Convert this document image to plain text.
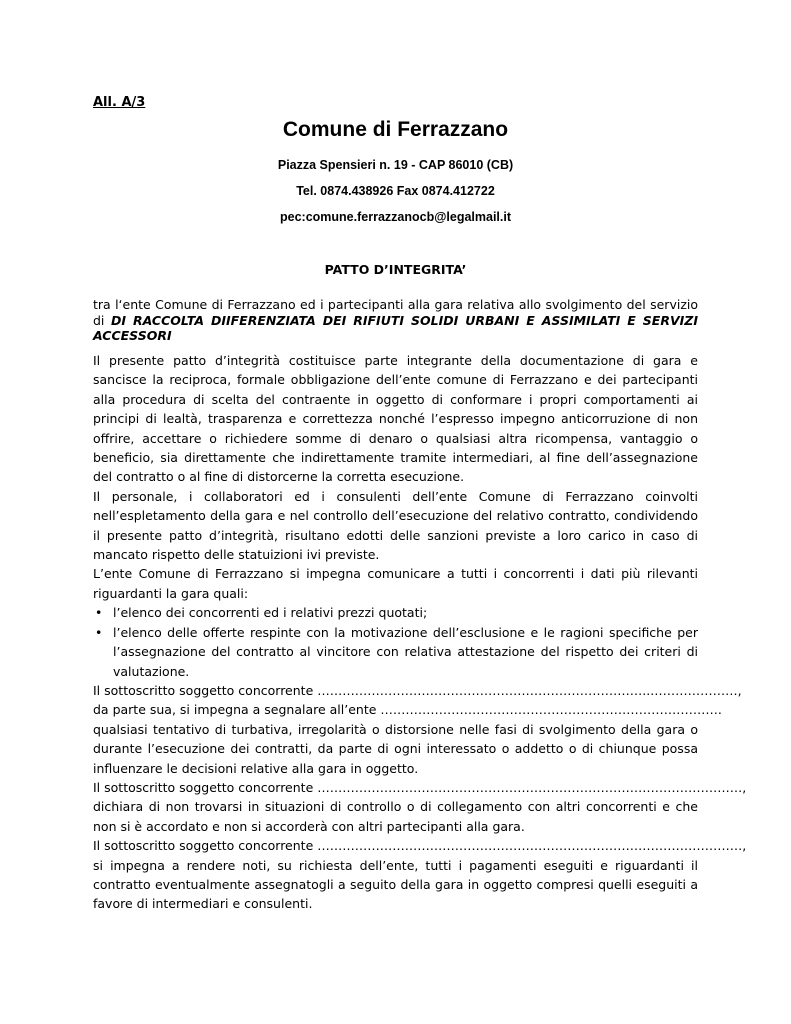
All. A/3
Comune di Ferrazzano
Piazza Spensieri n. 19 - CAP 86010 (CB)
Tel. 0874.438926 Fax 0874.412722
pec:comune.ferrazzanocb@legalmail.it
PATTO D’INTEGRITA’
tra l‘ente Comune di Ferrazzano ed i partecipanti alla gara relativa allo svolgimento del servizio di DI RACCOLTA DIIFERENZIATA DEI RIFIUTI SOLIDI URBANI E ASSIMILATI E SERVIZI ACCESSORI

Il presente patto d’integrità costituisce parte integrante della documentazione di gara e sancisce la reciproca, formale obbligazione dell’ente comune di Ferrazzano e dei partecipanti alla procedura di scelta del contraente in oggetto di conformare i propri comportamenti ai principi di lealtà, trasparenza e correttezza nonché l’espresso impegno anticorruzione di non offrire, accettare o richiedere somme di denaro o qualsiasi altra ricompensa, vantaggio o beneficio, sia direttamente che indirettamente tramite intermediari, al fine dell’assegnazione del contratto o al fine di distorcerne la corretta esecuzione.

Il personale, i collaboratori ed i consulenti dell’ente Comune di Ferrazzano coinvolti nell’espletamento della gara e nel controllo dell’esecuzione del relativo contratto, condividendo il presente patto d’integrità, risultano edotti delle sanzioni previste a loro carico in caso di mancato rispetto delle statuizioni ivi previste.

L’ente Comune di Ferrazzano si impegna comunicare a tutti i concorrenti i dati più rilevanti riguardanti la gara quali:

• l’elenco dei concorrenti ed i relativi prezzi quotati;
• l’elenco delle offerte respinte con la motivazione dell’esclusione e le ragioni specifiche per l’assegnazione del contratto al vincitore con relativa attestazione del rispetto dei criteri di valutazione.
Il sottoscritto soggetto concorrente ……………………………………………………………………..…………………,
da parte sua, si impegna a segnalare all’ente ……………………………………………………………………….

qualsiasi tentativo di turbativa, irregolarità o distorsione nelle fasi di svolgimento della gara o durante l’esecuzione dei contratti, da parte di ogni interessato o addetto o di chiunque possa influenzare le decisioni relative alla gara in oggetto.

Il sottoscritto soggetto concorrente …………………………………………………………………………………………,

dichiara di non trovarsi in situazioni di controllo o di collegamento con altri concorrenti e che non si è accordato e non si accorderà con altri partecipanti alla gara.

Il sottoscritto soggetto concorrente …………………………………………………………………………………………,

si impegna a rendere noti, su richiesta dell’ente, tutti i pagamenti eseguiti e riguardanti il contratto eventualmente assegnatogli a seguito della gara in oggetto compresi quelli eseguiti a favore di intermediari e consulenti.
